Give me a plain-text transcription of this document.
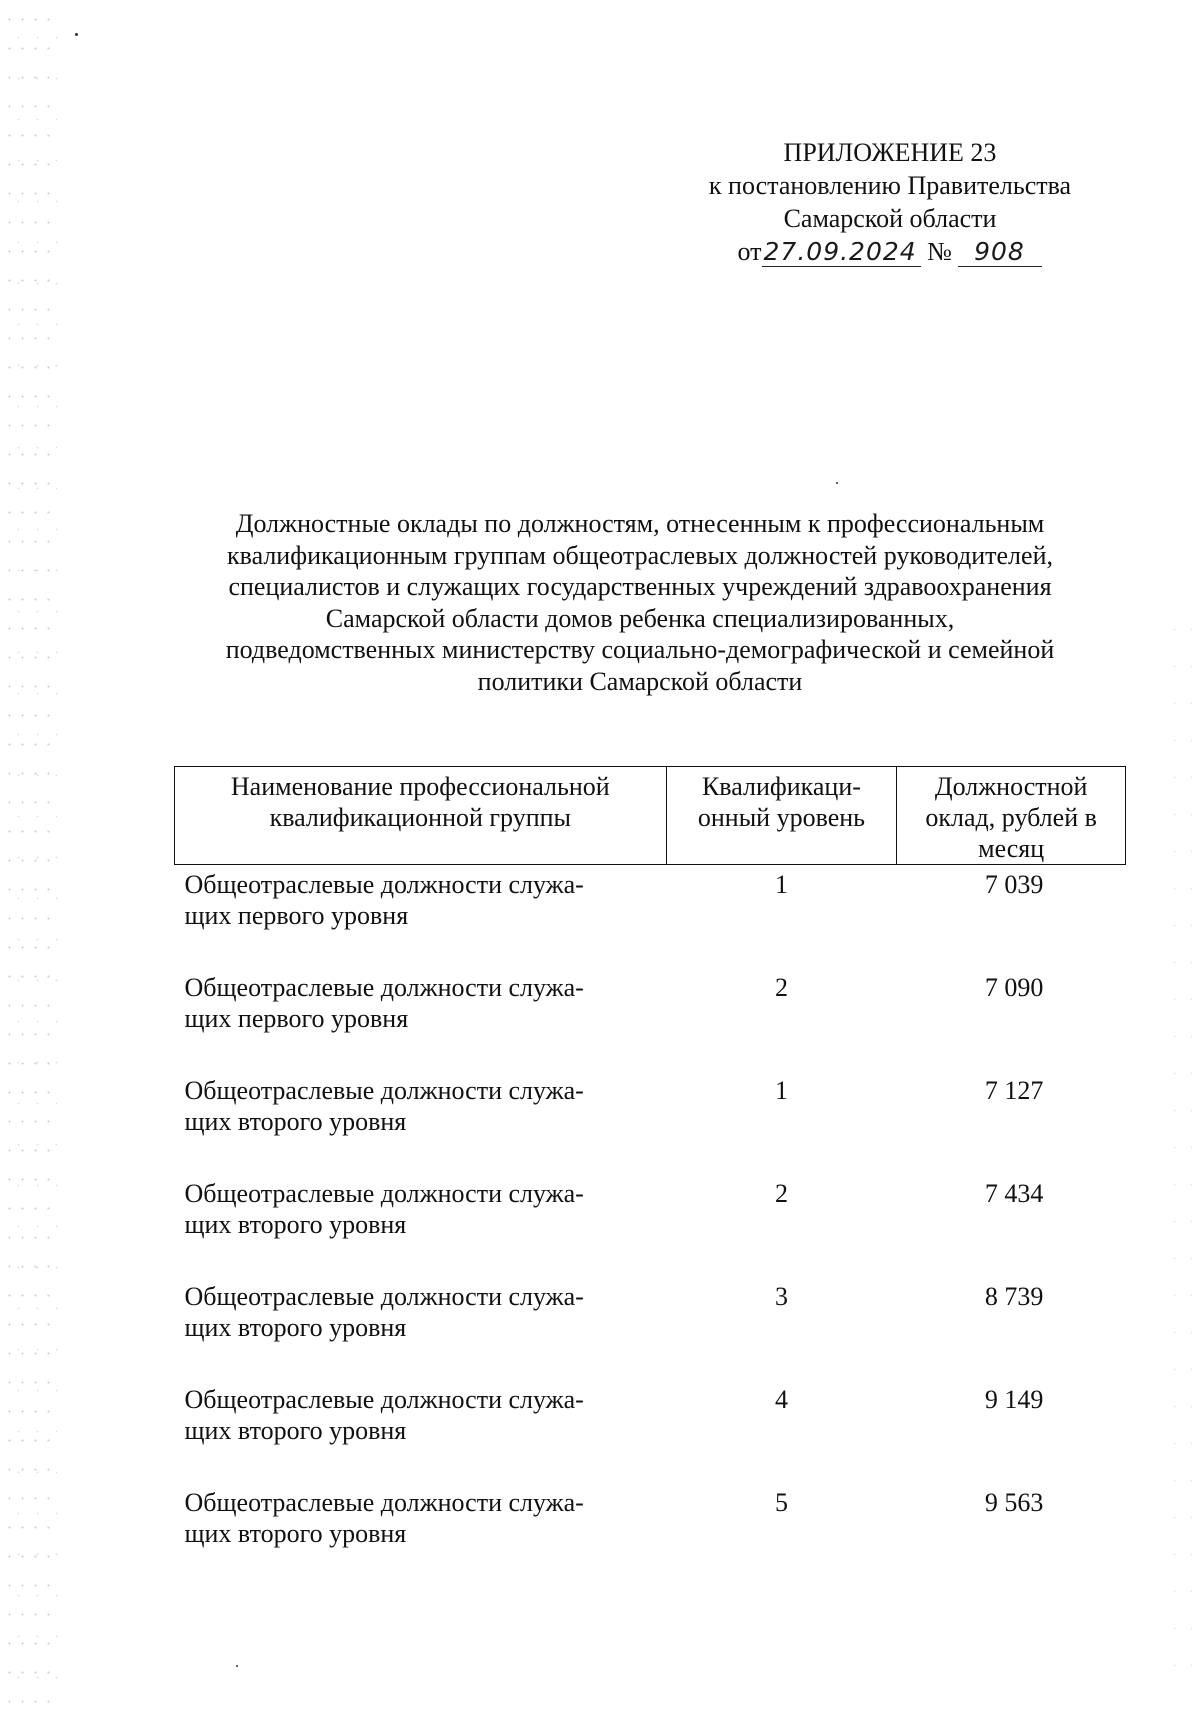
ПРИЛОЖЕНИЕ 23
к постановлению Правительства
Самарской области
от27.09.2024 № 908
Должностные оклады по должностям, отнесенным к профессиональным
квалификационным группам общеотраслевых должностей руководителей,
специалистов и служащих государственных учреждений здравоохранения
Самарской области домов ребенка специализированных,
подведомственных министерству социально-демографической и семейной
политики Самарской области
Наименование профессиональной квалификационной группы	Квалификаци-онный уровень	Должностной оклад, рублей в месяц

Общеотраслевые должности служа-
щих первого уровня	1	7 039

Общеотраслевые должности служа-
щих первого уровня	2	7 090

Общеотраслевые должности служа-
щих второго уровня	1	7 127

Общеотраслевые должности служа-
щих второго уровня	2	7 434

Общеотраслевые должности служа-
щих второго уровня	3	8 739

Общеотраслевые должности служа-
щих второго уровня	4	9 149

Общеотраслевые должности служа-
щих второго уровня	5	9 563
